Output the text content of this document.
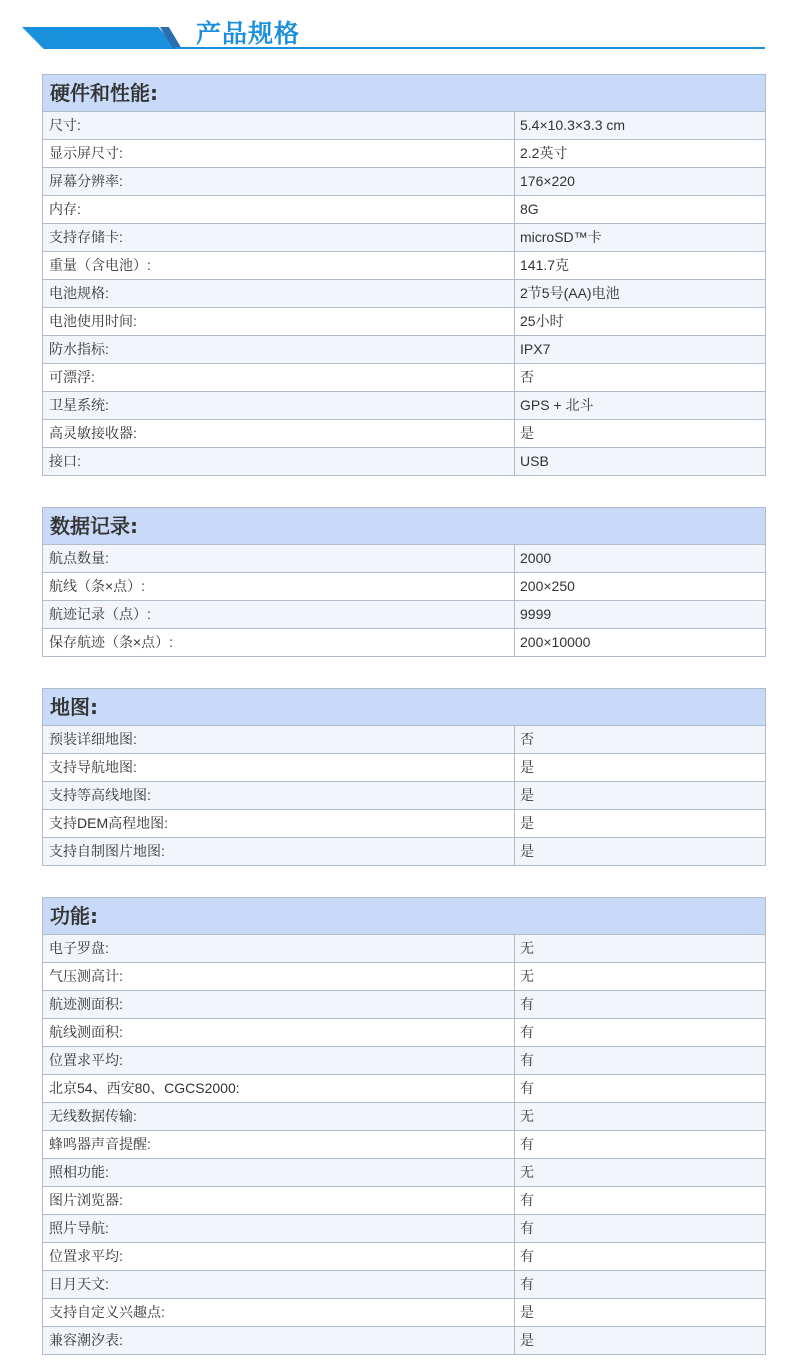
产品规格
硬件和性能:
尺寸:	5.4×10.3×3.3 cm
显示屏尺寸:	2.2英寸
屏幕分辨率:	176×220
内存:	8G
支持存储卡:	microSD™卡
重量（含电池）:	141.7克
电池规格:	2节5号(AA)电池
电池使用时间:	25小时
防水指标:	IPX7
可漂浮:	否
卫星系统:	GPS + 北斗
高灵敏接收器:	是
接口:	USB
数据记录:
航点数量:	2000
航线（条×点）:	200×250
航迹记录（点）:	9999
保存航迹（条×点）:	200×10000
地图:
预装详细地图:	否
支持导航地图:	是
支持等高线地图:	是
支持DEM高程地图:	是
支持自制图片地图:	是
功能:
电子罗盘:	无
气压测高计:	无
航迹测面积:	有
航线测面积:	有
位置求平均:	有
北京54、西安80、CGCS2000:	有
无线数据传输:	无
蜂鸣器声音提醒:	有
照相功能:	无
图片浏览器:	有
照片导航:	有
位置求平均:	有
日月天文:	有
支持自定义兴趣点:	是
兼容潮汐表:	是
